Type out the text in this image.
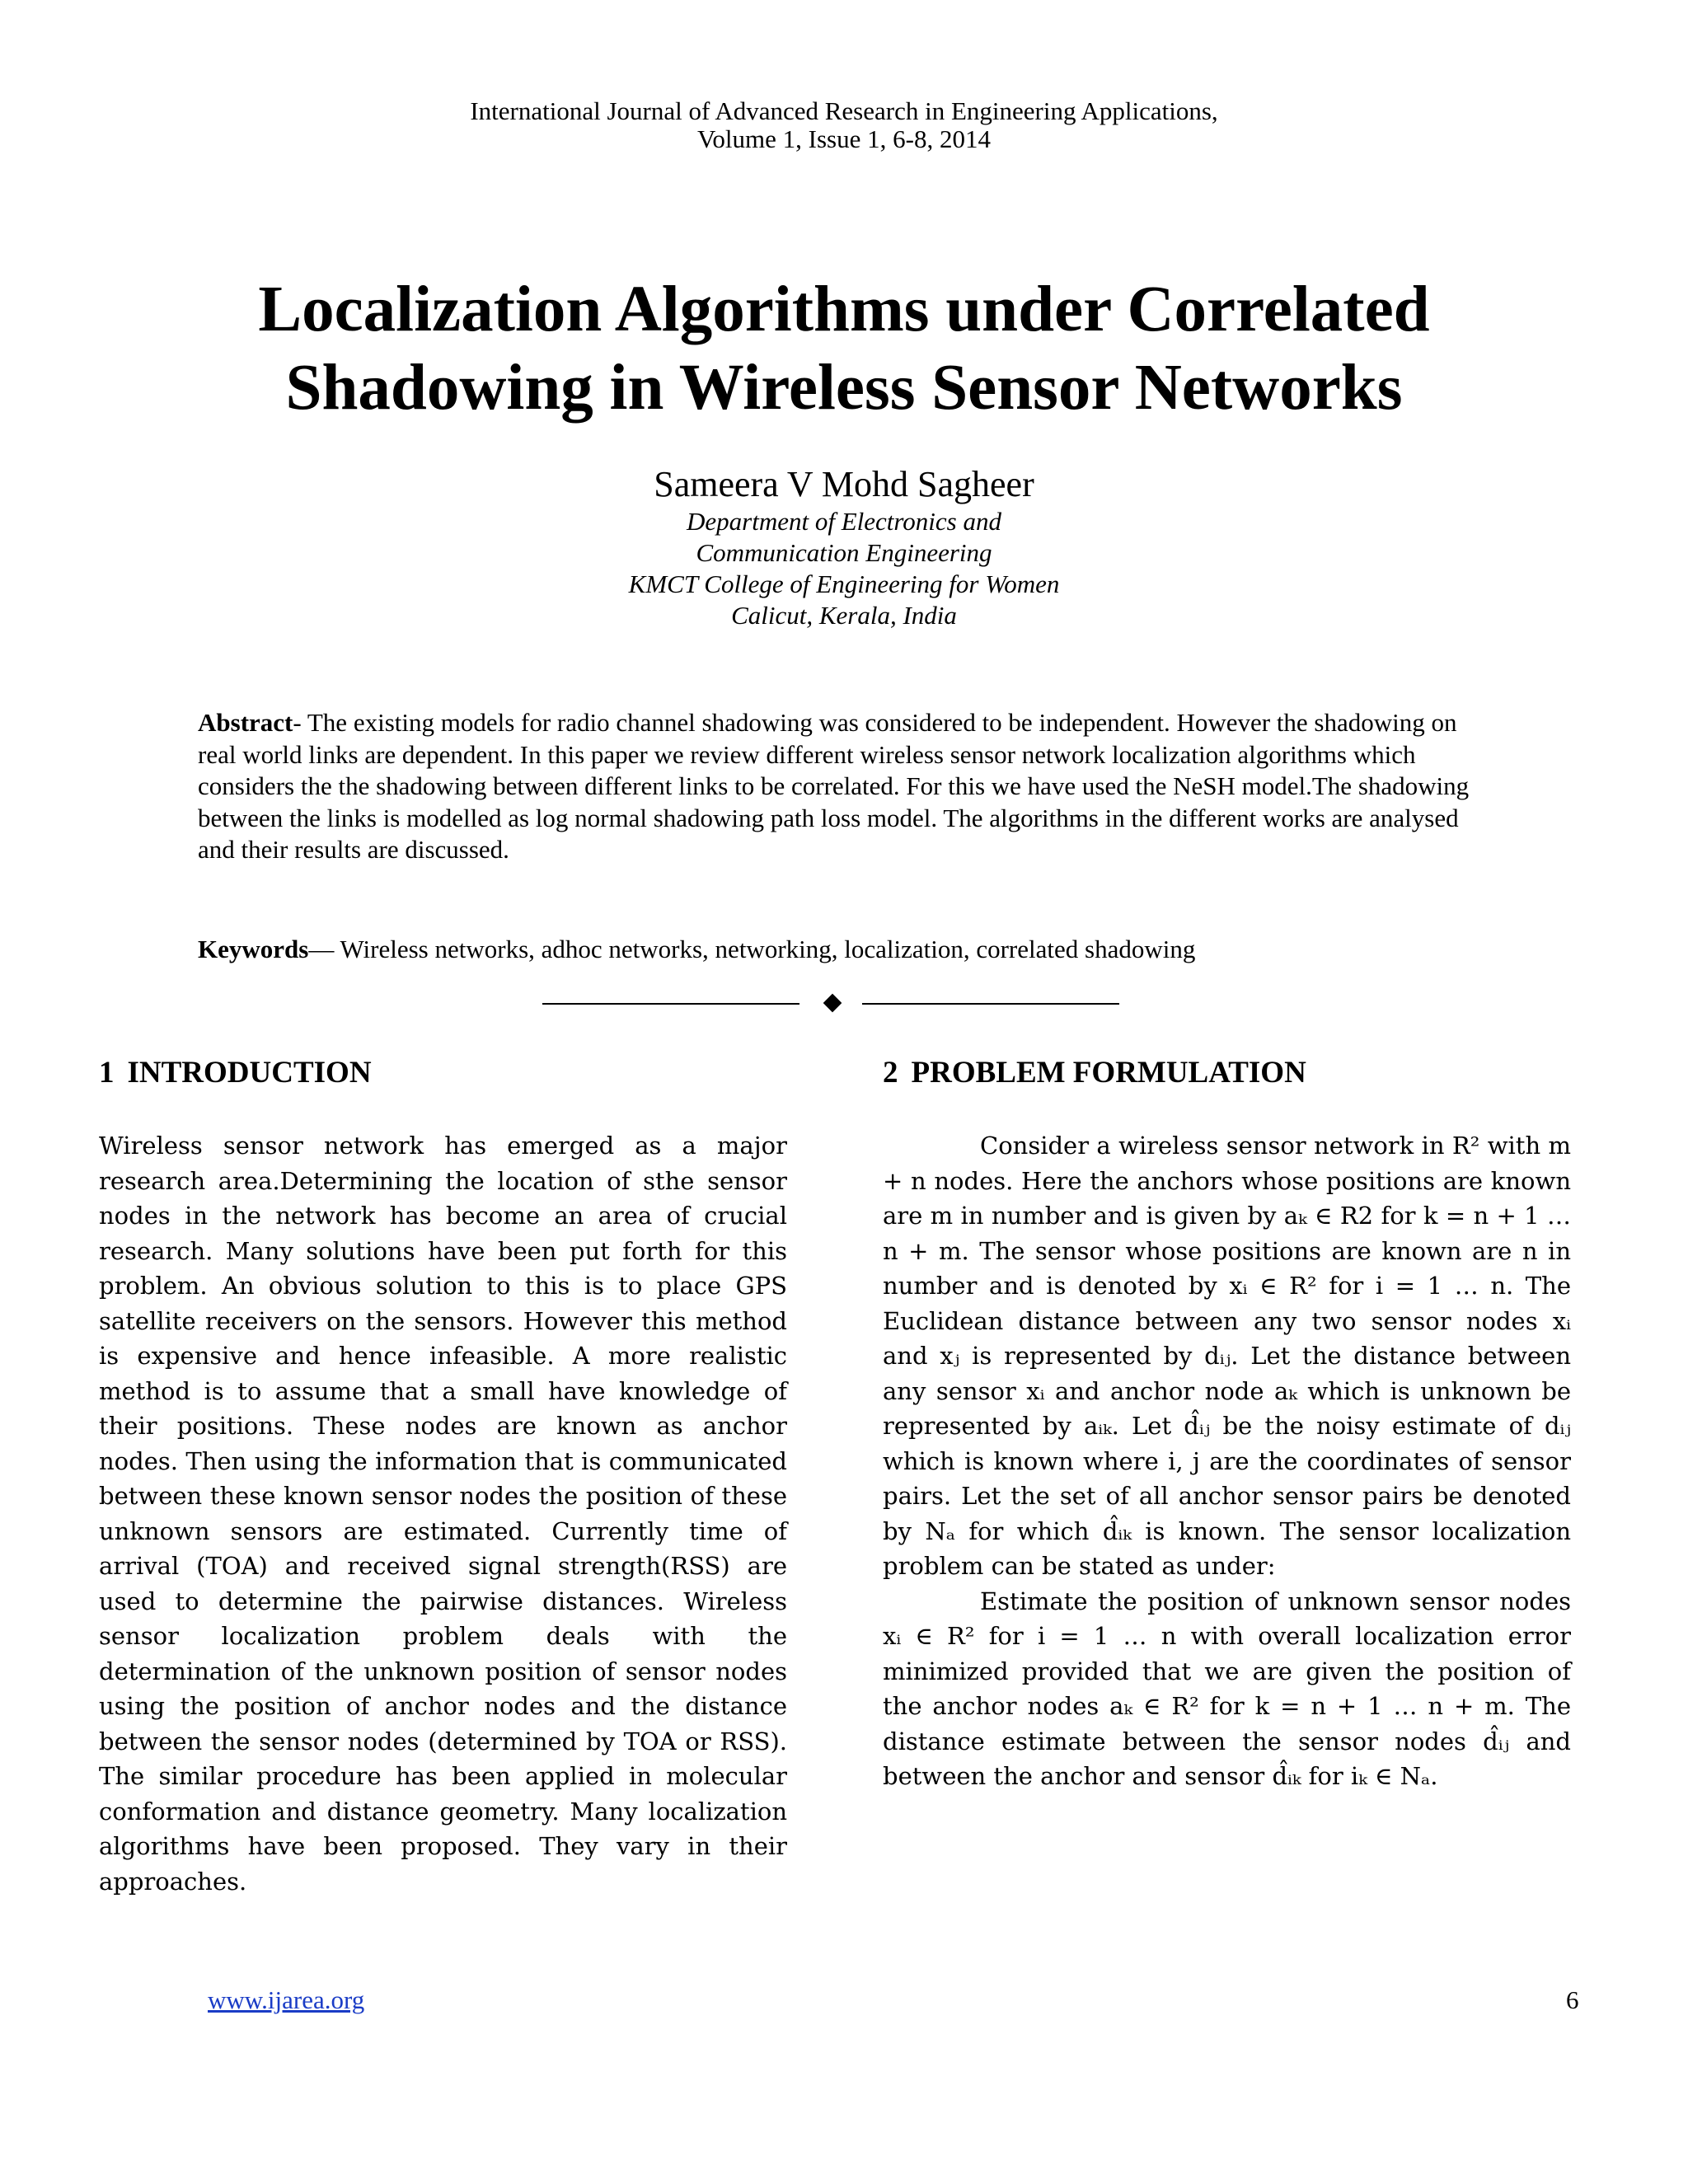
International Journal of Advanced Research in Engineering Applications,
Volume 1, Issue 1, 6-8, 2014
Localization Algorithms under Correlated Shadowing in Wireless Sensor Networks
Sameera V Mohd Sagheer
Department of Electronics and
Communication Engineering
KMCT College of Engineering for Women
Calicut, Kerala, India

Abstract- The existing models for radio channel shadowing was considered to be independent. However the shadowing on real world links are dependent. In this paper we review different wireless sensor network localization algorithms which considers the the shadowing between different links to be correlated. For this we have used the NeSH model.The shadowing between the links is modelled as log normal shadowing path loss model. The algorithms in the different works are analysed and their results are discussed.

Keywords— Wireless networks, adhoc networks, networking, localization, correlated shadowing
1 INTRODUCTION

Wireless sensor network has emerged as a major research area.Determining the location of sthe sensor nodes in the network has become an area of crucial research. Many solutions have been put forth for this problem. An obvious solution to this is to place GPS satellite receivers on the sensors. However this method is expensive and hence infeasible. A more realistic method is to assume that a small have knowledge of their positions. These nodes are known as anchor nodes. Then using the information that is communicated between these known sensor nodes the position of these unknown sensors are estimated. Currently time of arrival (TOA) and received signal strength(RSS) are used to determine the pairwise distances. Wireless sensor localization problem deals with the determination of the unknown position of sensor nodes using the position of anchor nodes and the distance between the sensor nodes (determined by TOA or RSS). The similar procedure has been applied in molecular conformation and distance geometry. Many localization algorithms have been proposed. They vary in their approaches.

2 PROBLEM FORMULATION

Consider a wireless sensor network in R² with m + n nodes. Here the anchors whose positions are known are m in number and is given by aₖ ∈ R2 for k = n + 1 … n + m. The sensor whose positions are known are n in number and is denoted by xᵢ ∈ R² for i = 1 … n. The Euclidean distance between any two sensor nodes xᵢ and xⱼ is represented by dᵢⱼ. Let the distance between any sensor xᵢ and anchor node aₖ which is unknown be represented by aᵢₖ. Let d̂ᵢⱼ be the noisy estimate of dᵢⱼ which is known where i, j are the coordinates of sensor pairs. Let the set of all anchor sensor pairs be denoted by Nₐ for which d̂ᵢₖ is known. The sensor localization problem can be stated as under:

Estimate the position of unknown sensor nodes xᵢ ∈ R² for i = 1 … n with overall localization error minimized provided that we are given the position of the anchor nodes aₖ ∈ R² for k = n + 1 … n + m. The distance estimate between the sensor nodes d̂ᵢⱼ and between the anchor and sensor d̂ᵢₖ for iₖ ∈ Nₐ.

www.ijarea.org	6
